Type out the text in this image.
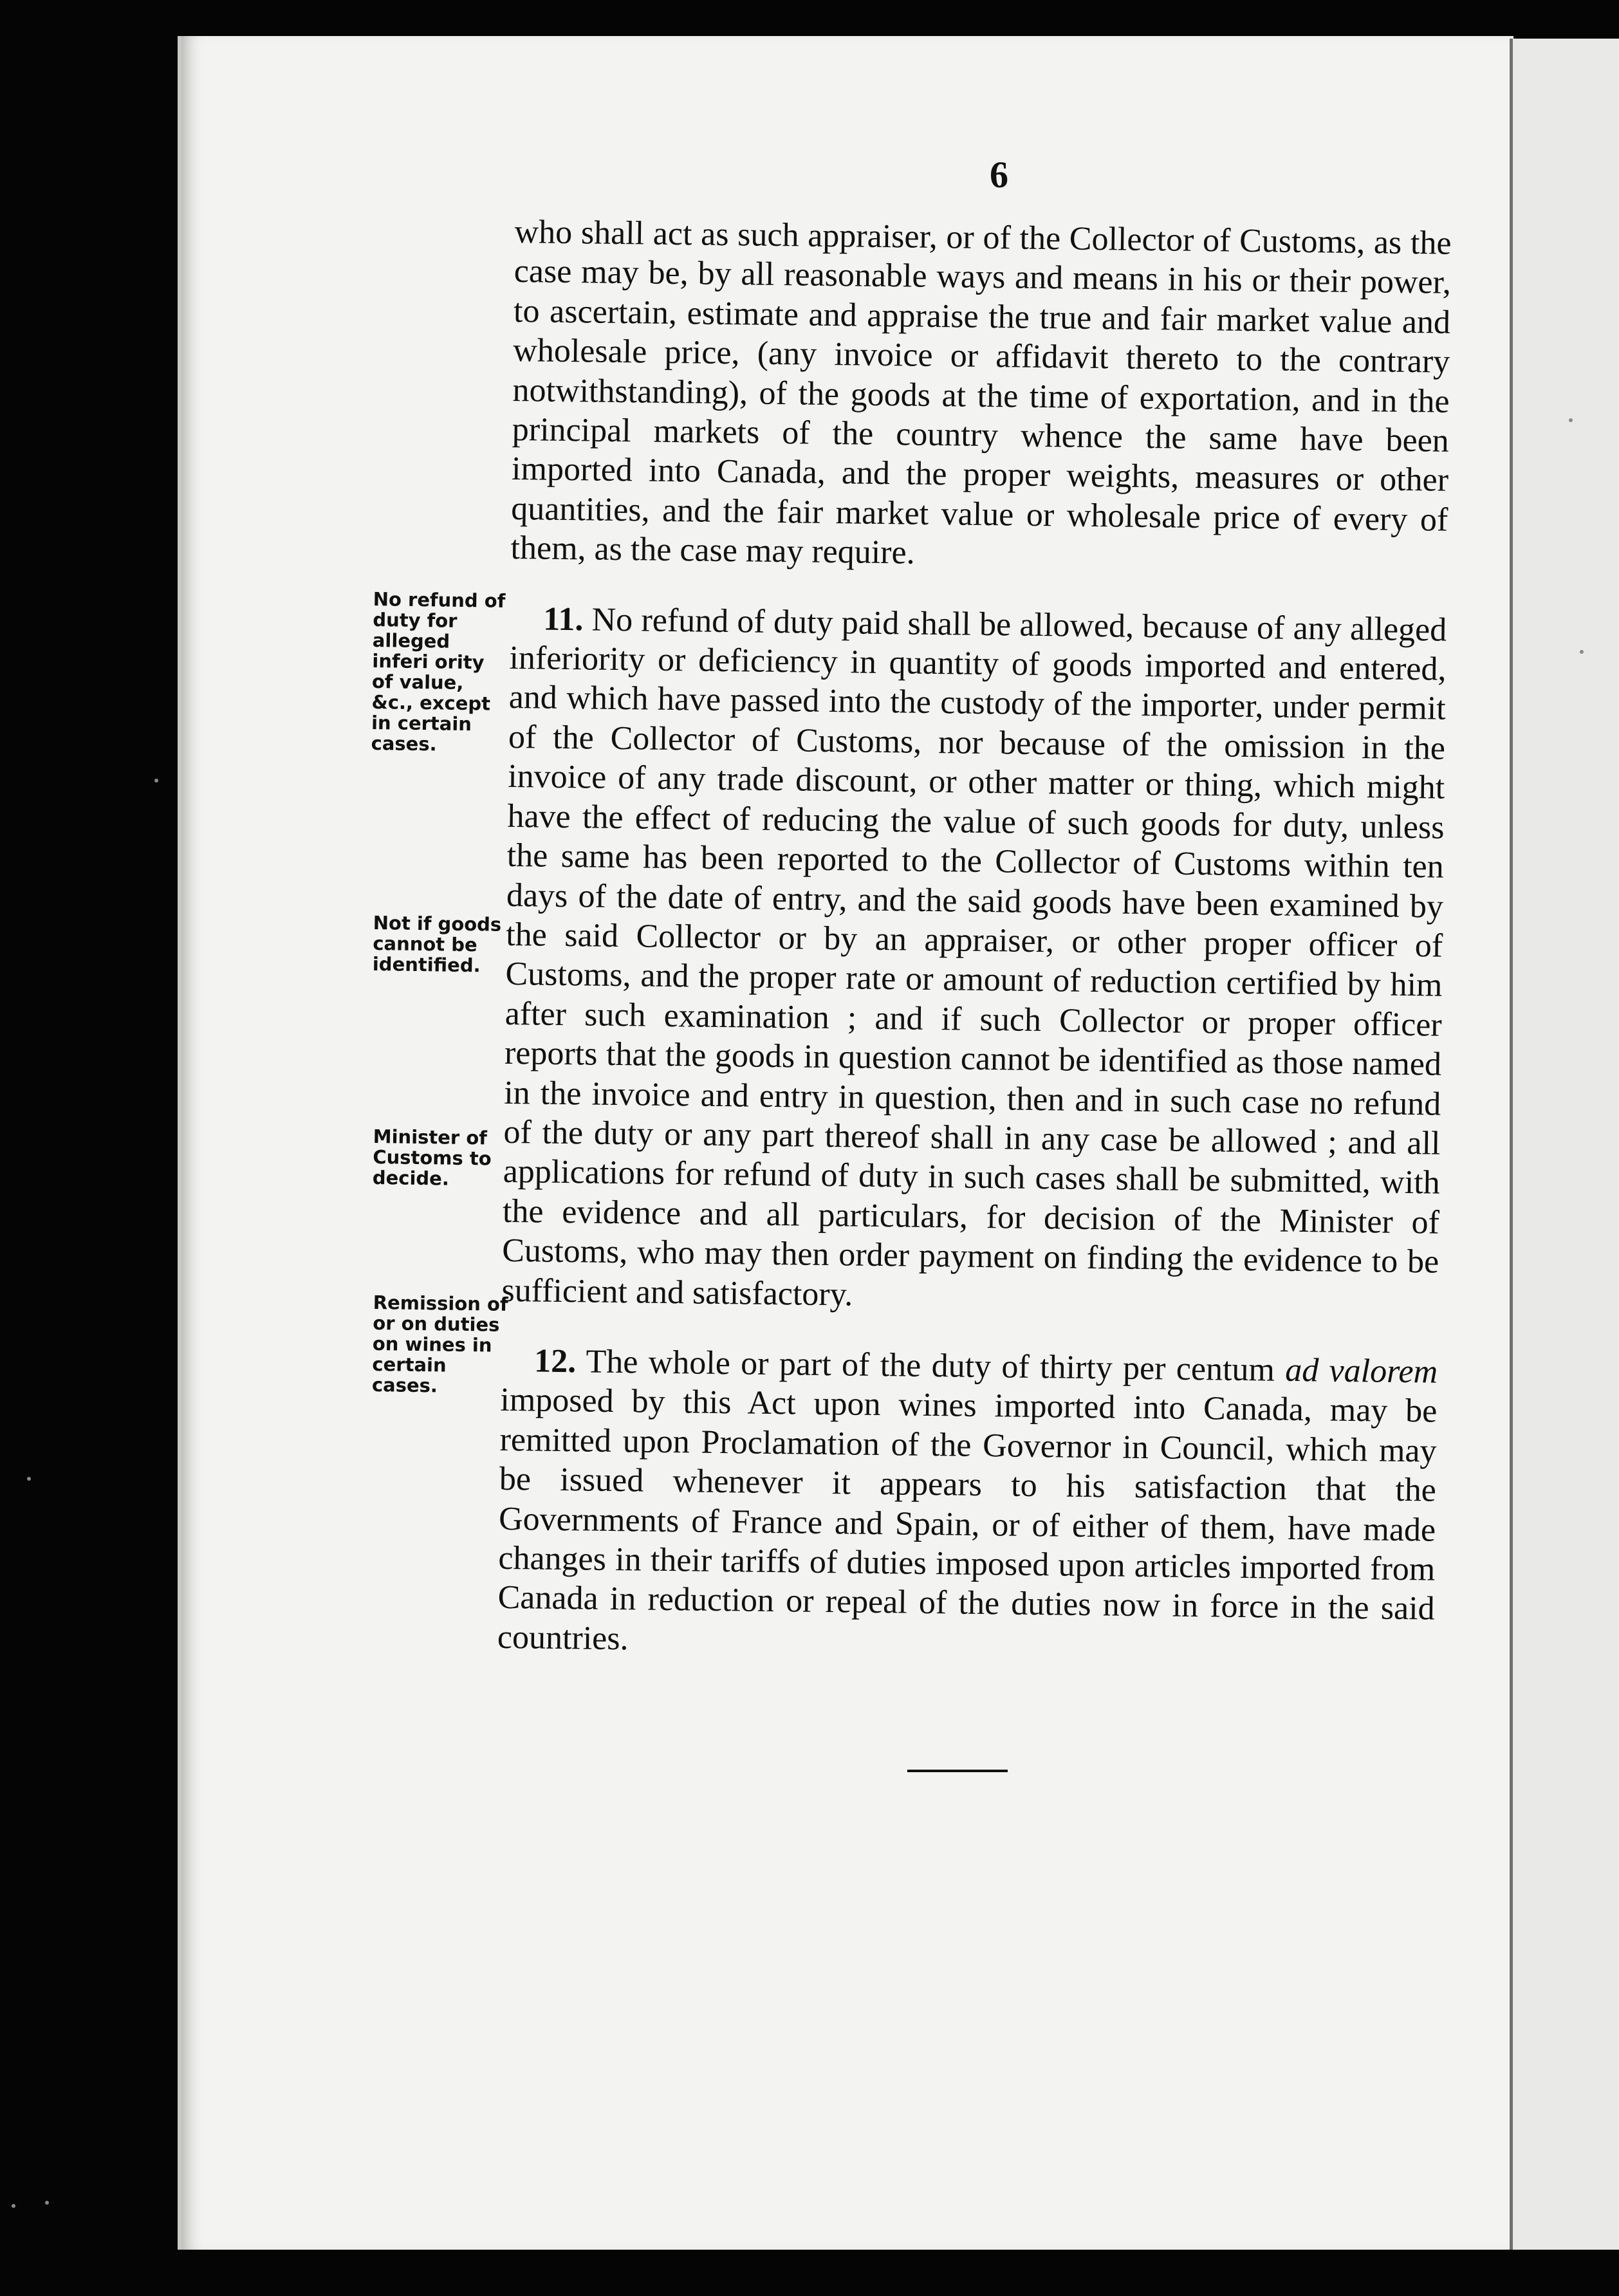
6
No refund of duty for alleged inferi ority of value, &c., except in certain cases.
Not if goods cannot be identified.
Minister of Customs to decide.
Remission of or on duties on wines in certain cases.

who shall act as such appraiser, or of the Collector of Customs, as the case may be, by all reasonable ways and means in his or their power, to ascertain, estimate and appraise the true and fair market value and wholesale price, (any invoice or affidavit thereto to the contrary notwithstanding), of the goods at the time of exportation, and in the principal markets of the country whence the same have been imported into Canada, and the proper weights, measures or other quantities, and the fair market value or wholesale price of every of them, as the case may require.

 11. No refund of duty paid shall be allowed, because of any alleged inferiority or deficiency in quantity of goods imported and entered, and which have passed into the custody of the importer, under permit of the Collector of Customs, nor because of the omission in the invoice of any trade discount, or other matter or thing, which might have the effect of reducing the value of such goods for duty, unless the same has been reported to the Collector of Customs within ten days of the date of entry, and the said goods have been examined by the said Collector or by an appraiser, or other proper officer of Customs, and the proper rate or amount of reduction certified by him after such examination ; and if such Collector or proper officer reports that the goods in question cannot be identified as those named in the invoice and entry in question, then and in such case no refund of the duty or any part thereof shall in any case be allowed ; and all applications for refund of duty in such cases shall be submitted, with the evidence and all particulars, for decision of the Minister of Customs, who may then order payment on finding the evidence to be sufficient and satisfactory.

 12. The whole or part of the duty of thirty per centum ad valorem imposed by this Act upon wines imported into Canada, may be remitted upon Proclamation of the Governor in Council, which may be issued whenever it appears to his satisfaction that the Governments of France and Spain, or of either of them, have made changes in their tariffs of duties imposed upon articles imported from Canada in reduction or repeal of the duties now in force in the said countries.
